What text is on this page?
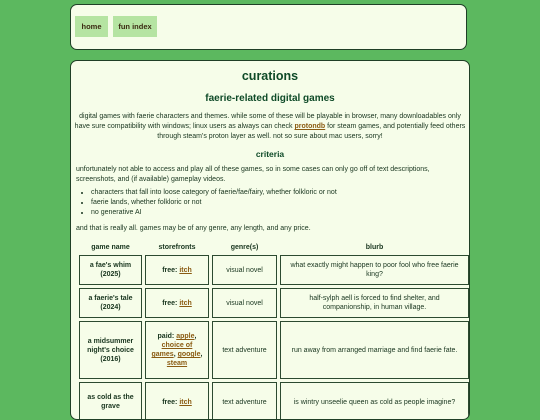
home	fun index
curations
faerie-related digital games
digital games with faerie characters and themes. while some of these will be playable in browser, many downloadables only have sure compatibility with windows; linux users as always can check protondb for steam games, and potentially feed others through steam's proton layer as well. not so sure about mac users, sorry!
criteria
unfortunately not able to access and play all of these games, so in some cases can only go off of text descriptions, screenshots, and (if available) gameplay videos.
• characters that fall into loose category of faerie/fae/fairy, whether folkloric or not
• faerie lands, whether folkloric or not
• no generative AI
and that is really all. games may be of any genre, any length, and any price.
game name	storefronts	genre(s)	blurb
a fae's whim (2025)	free: itch	visual novel	what exactly might happen to poor fool who free faerie king?
a faerie's tale (2024)	free: itch	visual novel	half-sylph aell is forced to find shelter, and companionship, in human village.
a midsummer night's choice (2016)	paid: apple, choice of games, google, steam	text adventure	run away from arranged marriage and find faerie fate.
as cold as the grave	free: itch	text adventure	is wintry unseelie queen as cold as people imagine?
